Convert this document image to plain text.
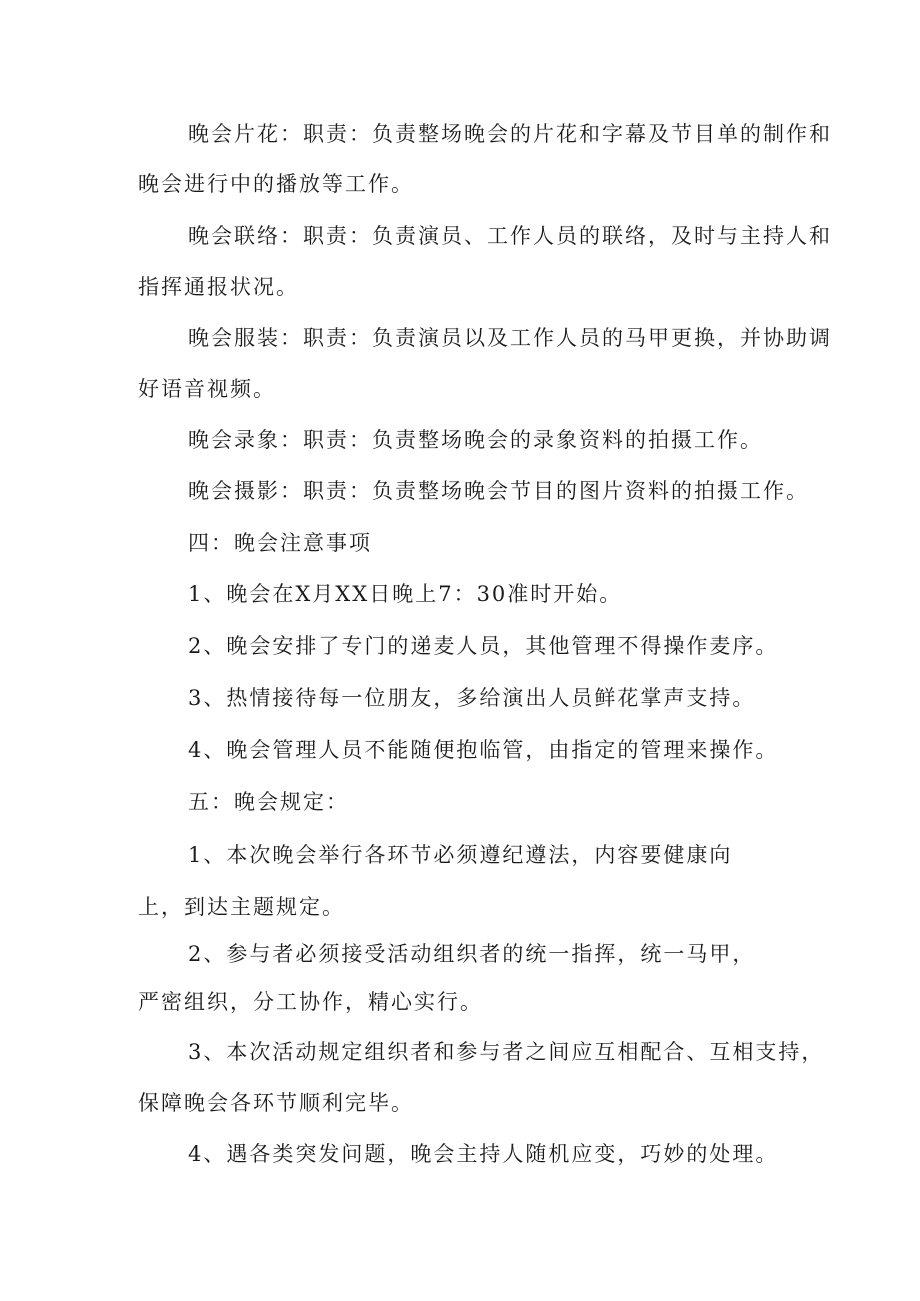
晚会片花：职责：负责整场晚会的片花和字幕及节目单的制作和
晚会进行中的播放等工作。
晚会联络：职责：负责演员、工作人员的联络，及时与主持人和
指挥通报状况。
晚会服装：职责：负责演员以及工作人员的马甲更换，并协助调
好语音视频。
晚会录象：职责：负责整场晚会的录象资料的拍摄工作。
晚会摄影：职责：负责整场晚会节目的图片资料的拍摄工作。
四：晚会注意事项
1、晚会在X月XX日晚上7：30准时开始。
2、晚会安排了专门的递麦人员，其他管理不得操作麦序。
3、热情接待每一位朋友，多给演出人员鲜花掌声支持。
4、晚会管理人员不能随便抱临管，由指定的管理来操作。
五：晚会规定：
1、本次晚会举行各环节必须遵纪遵法，内容要健康向
上，到达主题规定。
2、参与者必须接受活动组织者的统一指挥，统一马甲，
严密组织，分工协作，精心实行。
3、本次活动规定组织者和参与者之间应互相配合、互相支持，
保障晚会各环节顺利完毕。
4、遇各类突发问题，晚会主持人随机应变，巧妙的处理。
